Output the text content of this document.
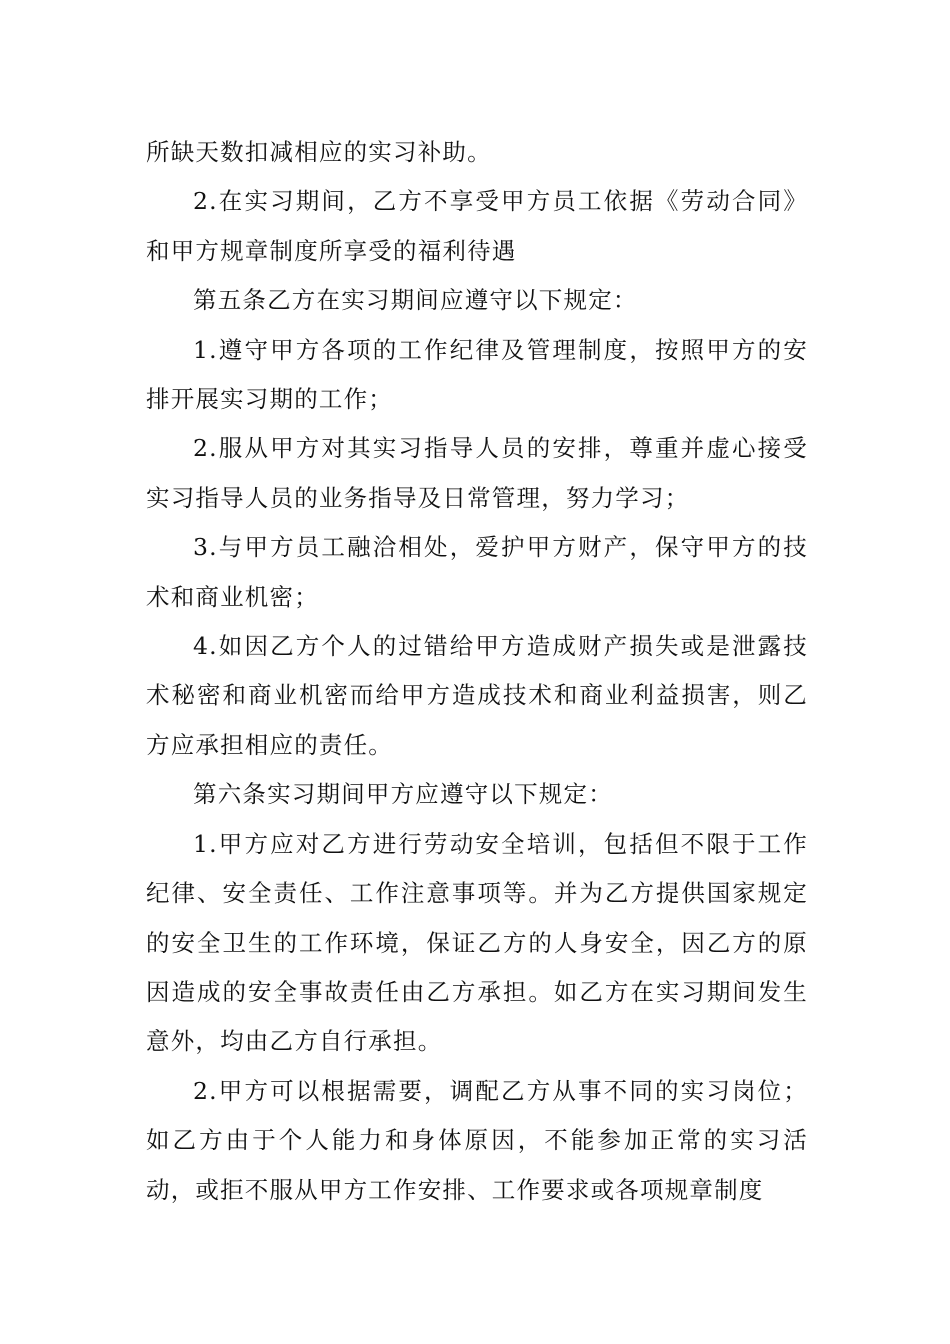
所缺天数扣减相应的实习补助。

2.在实习期间，乙方不享受甲方员工依据《劳动合同》和甲方规章制度所享受的福利待遇

第五条乙方在实习期间应遵守以下规定：

1.遵守甲方各项的工作纪律及管理制度，按照甲方的安排开展实习期的工作；

2.服从甲方对其实习指导人员的安排，尊重并虚心接受实习指导人员的业务指导及日常管理，努力学习；

3.与甲方员工融洽相处，爱护甲方财产，保守甲方的技术和商业机密；

4.如因乙方个人的过错给甲方造成财产损失或是泄露技术秘密和商业机密而给甲方造成技术和商业利益损害，则乙方应承担相应的责任。

第六条实习期间甲方应遵守以下规定：

1.甲方应对乙方进行劳动安全培训，包括但不限于工作纪律、安全责任、工作注意事项等。并为乙方提供国家规定的安全卫生的工作环境，保证乙方的人身安全，因乙方的原因造成的安全事故责任由乙方承担。如乙方在实习期间发生意外，均由乙方自行承担。

2.甲方可以根据需要，调配乙方从事不同的实习岗位；如乙方由于个人能力和身体原因，不能参加正常的实习活动，或拒不服从甲方工作安排、工作要求或各项规章制度
